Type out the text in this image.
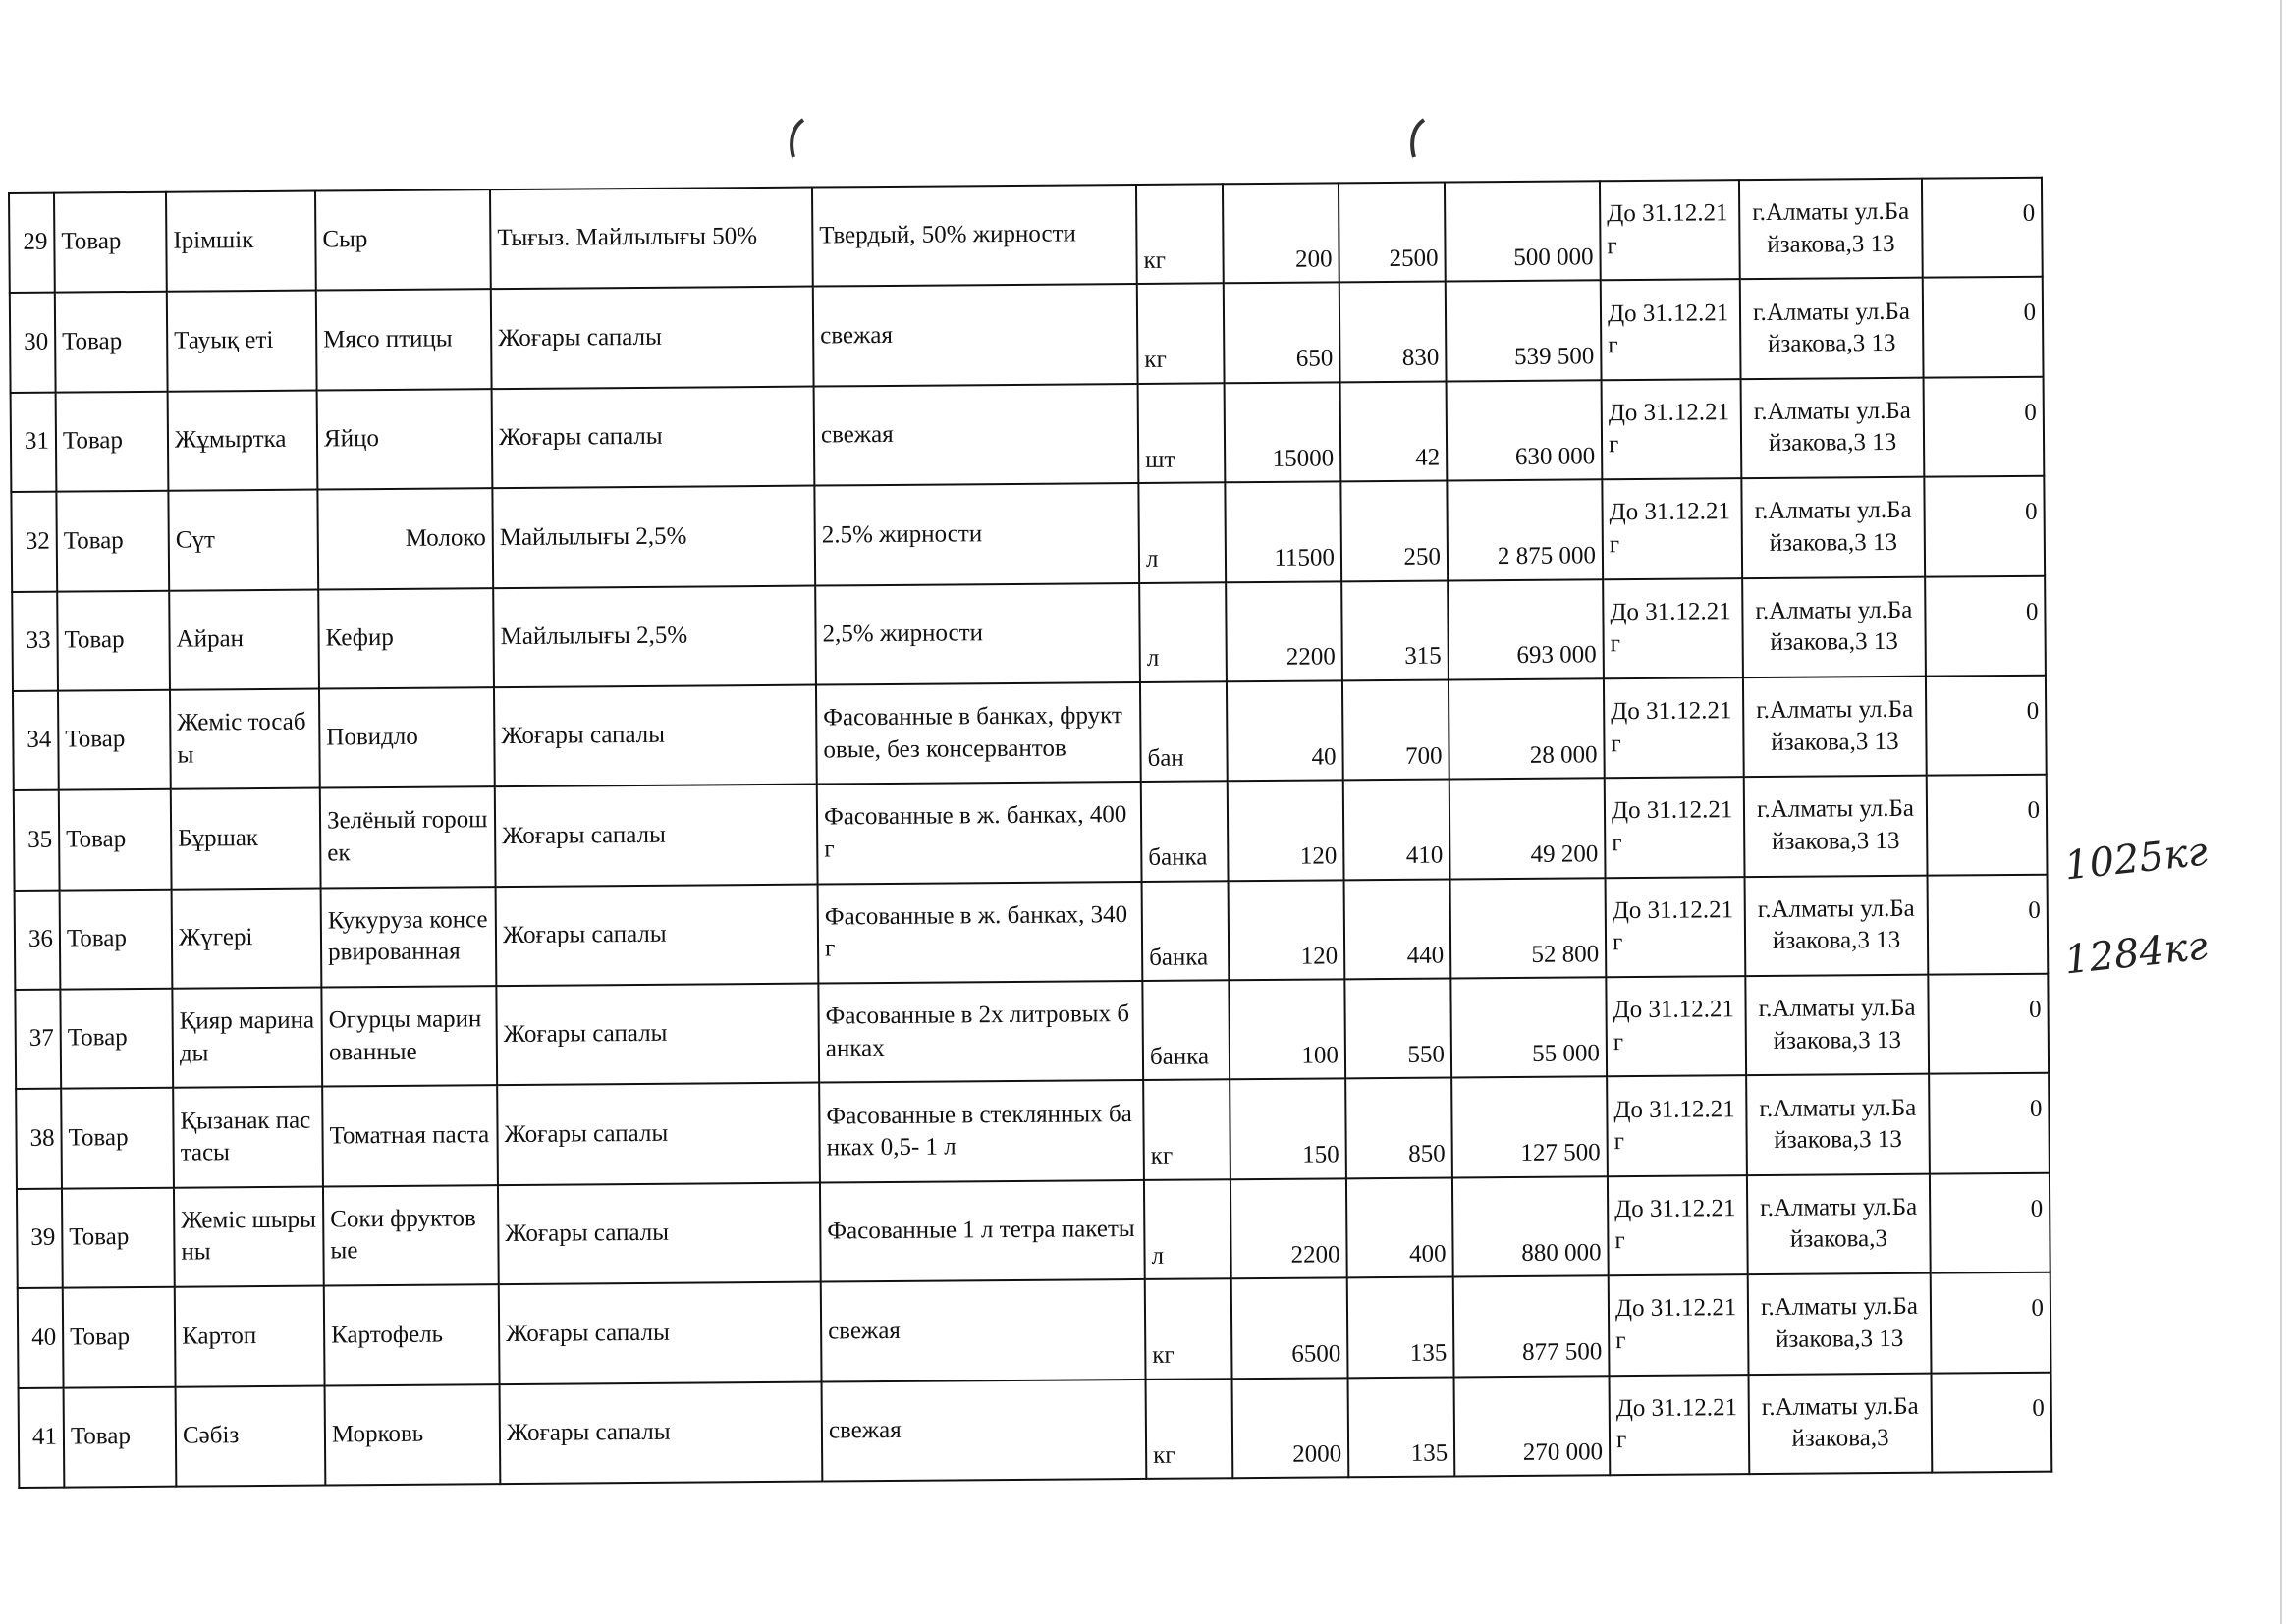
29	Товар	Ірімшік	Сыр	Тығыз. Майлылығы 50%	Твердый, 50% жирности	кг	200	2500	500 000	До 31.12.21 г	г.Алматы ул.Байзакова,3 13	0
30	Товар	Тауық еті	Мясо птицы	Жоғары сапалы	свежая	кг	650	830	539 500	До 31.12.21 г	г.Алматы ул.Байзакова,3 13	0
31	Товар	Жұмыртка	Яйцо	Жоғары сапалы	свежая	шт	15000	42	630 000	До 31.12.21 г	г.Алматы ул.Байзакова,3 13	0
32	Товар	Сүт	Молоко	Майлылығы 2,5%	2.5% жирности	л	11500	250	2 875 000	До 31.12.21 г	г.Алматы ул.Байзакова,3 13	0
33	Товар	Айран	Кефир	Майлылығы 2,5%	2,5% жирности	л	2200	315	693 000	До 31.12.21 г	г.Алматы ул.Байзакова,3 13	0
34	Товар	Жеміс тосабы	Повидло	Жоғары сапалы	Фасованные в банках, фруктовые, без консервантов	бан	40	700	28 000	До 31.12.21 г	г.Алматы ул.Байзакова,3 13	0
35	Товар	Бұршак	Зелёный горошек	Жоғары сапалы	Фасованные в ж. банках, 400г	банка	120	410	49 200	До 31.12.21 г	г.Алматы ул.Байзакова,3 13	0
36	Товар	Жүгері	Кукуруза консервированная	Жоғары сапалы	Фасованные в ж. банках, 340г	банка	120	440	52 800	До 31.12.21 г	г.Алматы ул.Байзакова,3 13	0
37	Товар	Қияр маринады	Огурцы маринованные	Жоғары сапалы	Фасованные в 2х литровых банках	банка	100	550	55 000	До 31.12.21 г	г.Алматы ул.Байзакова,3 13	0
38	Товар	Қызанак пастасы	Томатная паста	Жоғары сапалы	Фасованные в стеклянных банках 0,5- 1 л	кг	150	850	127 500	До 31.12.21 г	г.Алматы ул.Байзакова,3 13	0
39	Товар	Жеміс шырыны	Соки фруктовые	Жоғары сапалы	Фасованные 1 л тетра пакеты	л	2200	400	880 000	До 31.12.21 г	г.Алматы ул.Байзакова,3	0
40	Товар	Картоп	Картофель	Жоғары сапалы	свежая	кг	6500	135	877 500	До 31.12.21 г	г.Алматы ул.Байзакова,3 13	0
41	Товар	Сәбіз	Морковь	Жоғары сапалы	свежая	кг	2000	135	270 000	До 31.12.21 г	г.Алматы ул.Байзакова,3	0
1025кг
1284кг
